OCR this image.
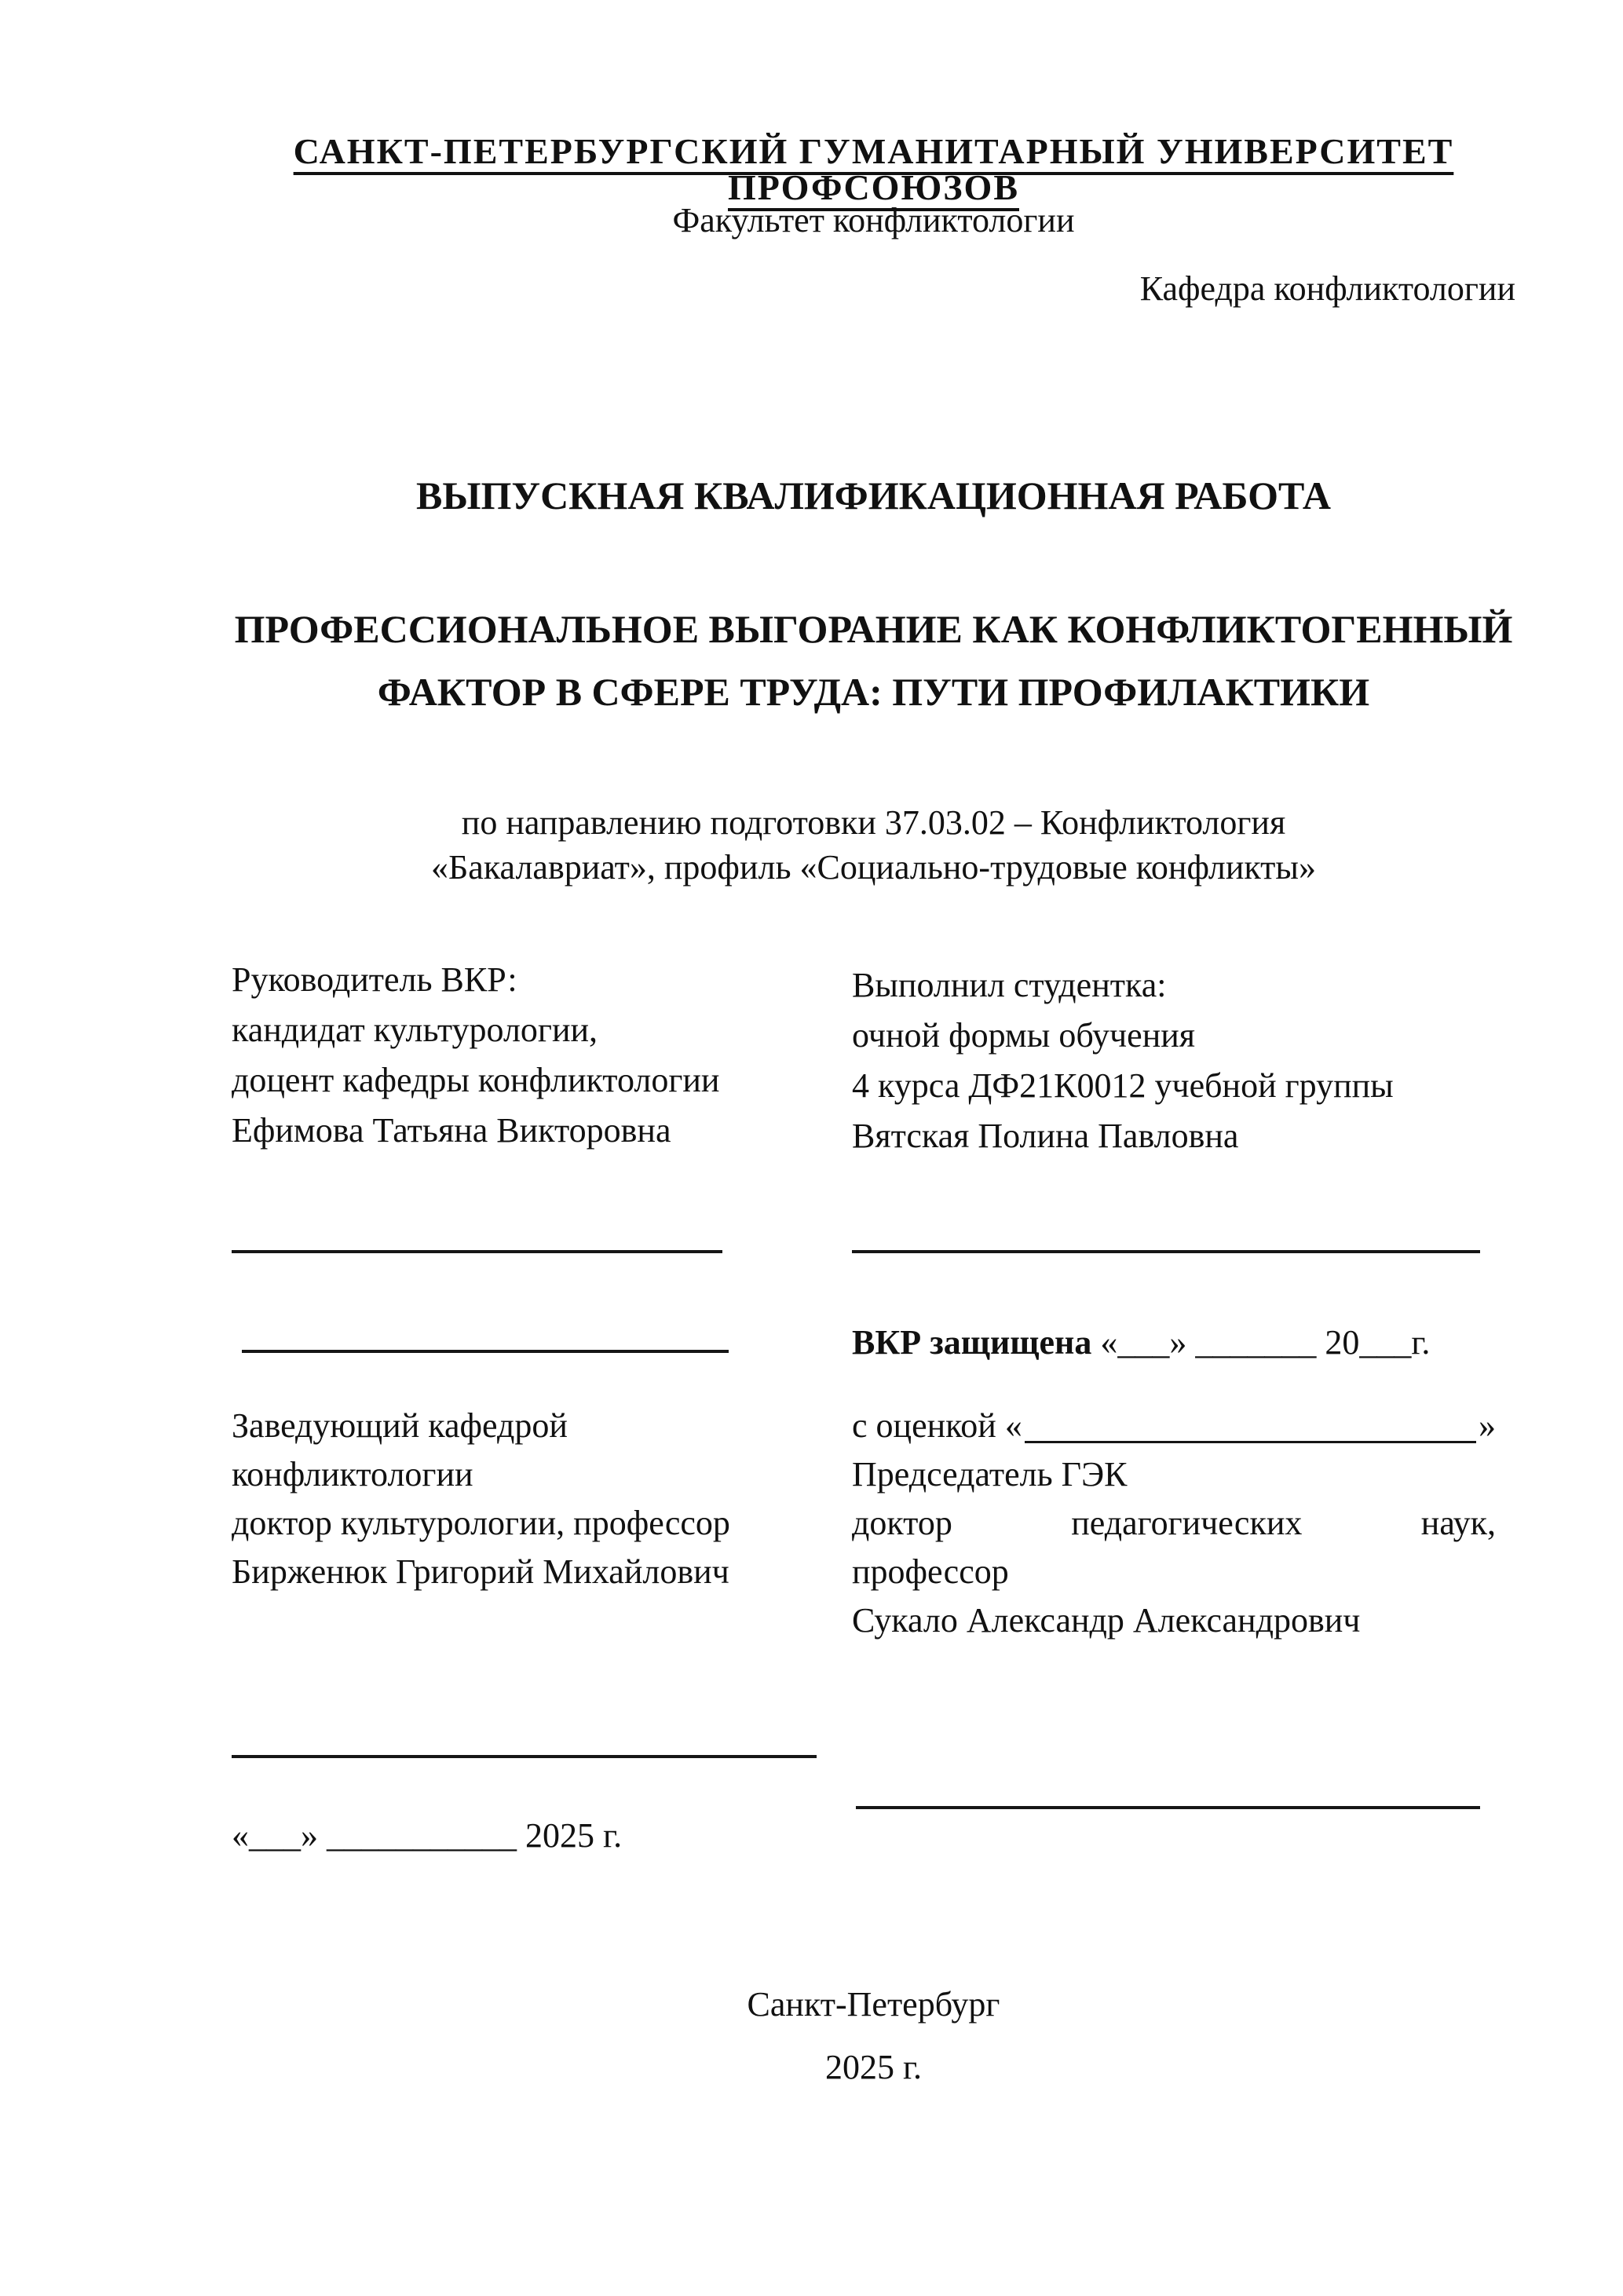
САНКТ-ПЕТЕРБУРГСКИЙ ГУМАНИТАРНЫЙ УНИВЕРСИТЕТ ПРОФСОЮЗОВ
Факультет конфликтологии
Кафедра конфликтологии
ВЫПУСКНАЯ КВАЛИФИКАЦИОННАЯ РАБОТА
ПРОФЕССИОНАЛЬНОЕ ВЫГОРАНИЕ КАК КОНФЛИКТОГЕННЫЙ
ФАКТОР В СФЕРЕ ТРУДА: ПУТИ ПРОФИЛАКТИКИ
по направлению подготовки 37.03.02 – Конфликтология
«Бакалавриат», профиль «Социально-трудовые конфликты»
Руководитель ВКР:
кандидат культурологии,
доцент кафедры конфликтологии
Ефимова Татьяна Викторовна
Выполнил студентка:
очной формы обучения
4 курса ДФ21К0012 учебной группы
Вятская Полина Павловна
ВКР защищена «___» _______ 20___г.
Заведующий кафедрой
конфликтологии
доктор культурологии, профессор
Бирженюк Григорий Михайлович
с оценкой «	»
Председатель ГЭК
доктор	педагогических	наук,
профессор
Сукало Александр Александрович
«___» ___________ 2025 г.
Санкт-Петербург
2025 г.
